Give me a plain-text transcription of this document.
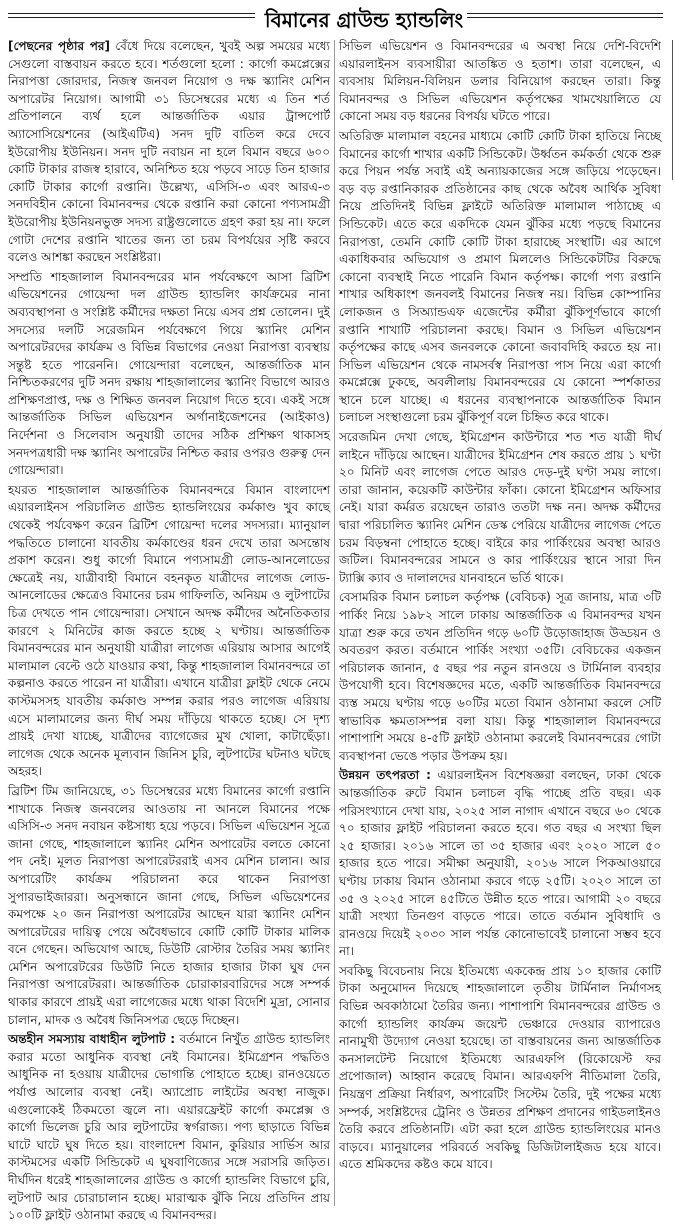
বিমানের গ্রাউন্ড হ্যান্ডলিং

[পেছনের পৃষ্ঠার পর] বেঁধে দিয়ে বলেছেন, খুবই অল্প সময়ের মধ্যে সেগুলো বাস্তবায়ন করতে হবে। শর্তগুলো হলো : কার্গো কমপ্লেক্সের নিরাপত্তা জোরদার, নিজস্ব জনবল নিয়োগ ও দক্ষ স্ক্যানিং মেশিন অপারেটর নিয়োগ। আগামী ৩১ ডিসেম্বরের মধ্যে এ তিন শর্ত প্রতিপালনে ব্যর্থ হলে আন্তর্জাতিক এয়ার ট্রান্সপোর্ট অ্যাসোসিয়েশনের (আইএটিএ) সনদ দুটি বাতিল করে দেবে ইউরোপীয় ইউনিয়ন। সনদ দুটি নবায়ন না হলে বিমান বছরে ৬০০ কোটি টাকার রাজস্ব হারাবে, অনিশ্চিত হয়ে পড়বে সাড়ে তিন হাজার কোটি টাকার কার্গো রপ্তানি। উল্লেখ্য, এসিসি-৩ এবং আরএ-৩ সনদবিহীন কোনো বিমানবন্দর থেকে রপ্তানি করা কোনো পণ্যসামগ্রী ইউরোপীয় ইউনিয়নভুক্ত সদস্য রাষ্ট্রগুলোতে গ্রহণ করা হয় না। ফলে গোটা দেশের রপ্তানি খাতের জন্য তা চরম বিপর্যয়ের সৃষ্টি করবে বলেও আশঙ্কা করছেন সংশ্লিষ্টরা।

সম্প্রতি শাহজালাল বিমানবন্দরের মান পর্যবেক্ষণে আসা ব্রিটিশ এভিয়েশনের গোয়েন্দা দল গ্রাউন্ড হ্যান্ডলিং কার্যক্রমের নানা অব্যবস্থাপনা ও সংশ্লিষ্ট কর্মীদের দক্ষতা নিয়ে এসব প্রশ্ন তোলেন। দুই সদস্যের দলটি সরেজমিন পর্যবেক্ষণে গিয়ে স্ক্যানিং মেশিন অপারেটরদের কার্যক্রম ও বিভিন্ন বিভাগের নেওয়া নিরাপত্তা ব্যবস্থায় সন্তুষ্ট হতে পারেননি। গোয়েন্দারা বলেছেন, আন্তর্জাতিক মান নিশ্চিতকরণের দুটি সনদ রক্ষায় শাহজালালের স্ক্যানিং বিভাগে আরও প্রশিক্ষণপ্রাপ্ত, দক্ষ ও শিক্ষিত জনবল নিয়োগ দিতে হবে। একই সঙ্গে আন্তর্জাতিক সিভিল এভিয়েশন অর্গানাইজেশনের (আইকাও) নির্দেশনা ও সিলেবাস অনুযায়ী তাদের সঠিক প্রশিক্ষণ থাকাসহ সনদপত্রধারী দক্ষ স্ক্যানিং অপারেটর নিশ্চিত করার ওপরও গুরুত্ব দেন গোয়েন্দারা।

হযরত শাহজালাল আন্তর্জাতিক বিমানবন্দরে বিমান বাংলাদেশ এয়ারলাইনস পরিচালিত গ্রাউন্ড হ্যান্ডলিংয়ের কর্মকাণ্ড খুব কাছে থেকেই পর্যবেক্ষণ করেন ব্রিটিশ গোয়েন্দা দলের সদস্যরা। ম্যানুয়াল পদ্ধতিতে চালানো যাবতীয় কর্মকাণ্ডের ধরন দেখে তারা অসন্তোষ প্রকাশ করেন। শুধু কার্গো বিমানে পণ্যসামগ্রী লোড-আনলোডের ক্ষেত্রেই নয়, যাত্রীবাহী বিমানে বহনকৃত যাত্রীদের লাগেজ লোড-আনলোডের ক্ষেত্রেও বিমানের চরম গাফিলতি, অনিয়ম ও লুটপাটের চিত্র দেখতে পান গোয়েন্দারা। সেখানে অদক্ষ কর্মীদের অনৈতিকতার কারণে ২ মিনিটের কাজ করতে হচ্ছে ২ ঘণ্টায়। আন্তর্জাতিক বিমানবন্দরের মান অনুযায়ী যাত্রীরা লাগেজ এরিয়ায় আসার আগেই মালামাল বেল্টে ওঠে যাওয়ার কথা, কিন্তু শাহজালাল বিমানবন্দরে তা কল্পনাও করতে পারেন না যাত্রীরা। এখানে যাত্রীরা ফ্লাইট থেকে নেমে কাস্টমসসহ যাবতীয় কর্মকাণ্ড সম্পন্ন করার পরও লাগেজ এরিয়ায় এসে মালামালের জন্য দীর্ঘ সময় দাঁড়িয়ে থাকতে হচ্ছে। সে দৃশ্য প্রায়ই দেখা যাচ্ছে, যাত্রীদের ব্যাগেজের মুখ খোলা, কাটাছেঁড়া। লাগেজ থেকে অনেক মূল্যবান জিনিস চুরি, লুটপাটের ঘটনাও ঘটছে অহরহ।

ব্রিটিশ টিম জানিয়েছে, ৩১ ডিসেম্বরের মধ্যে বিমানের কার্গো রপ্তানি শাখাকে নিজস্ব জনবলের আওতায় না আনলে বিমানের পক্ষে এসিসি-৩ সনদ নবায়ন কষ্টসাধ্য হয়ে পড়বে। সিভিল এভিয়েশন সূত্রে জানা গেছে, শাহজালালে স্ক্যানিং মেশিন অপারেটর বলতে কোনো পদ নেই। মূলত নিরাপত্তা অপারেটররাই এসব মেশিন চালান। আর অপারেটিং কার্যক্রম পরিচালনা করে থাকেন নিরাপত্তা সুপারভাইজাররা। অনুসন্ধানে জানা গেছে, সিভিল এভিয়েশনের কমপক্ষে ২০ জন নিরাপত্তা অপারেটর আছেন যারা স্ক্যানিং মেশিন অপারেটরের দায়িত্ব পেয়ে অবৈধভাবে কোটি কোটি টাকার মালিক বনে গেছেন। অভিযোগ আছে, ডিউটি রোস্টার তৈরির সময় স্ক্যানিং মেশিন অপারেটরের ডিউটি নিতে হাজার হাজার টাকা ঘুষ দেন নিরাপত্তা অপারেটররা। আন্তর্জাতিক চোরাকারবারিদের সঙ্গে সম্পর্ক থাকার কারণে প্রায়ই এরা লাগেজের মধ্যে থাকা বিদেশি মুদ্রা, সোনার চালান, মাদক ও অবৈধ জিনিসপত্র ছেড়ে দিচ্ছেন।

অন্তহীন সমস্যায় বাধাহীন লুটপাট : বর্তমানে নিখুঁত গ্রাউন্ড হ্যান্ডলিং করার মতো আধুনিক ব্যবস্থা নেই বিমানের। ইমিগ্রেশন পদ্ধতিও আধুনিক না হওয়ায় যাত্রীদের ভোগান্তি পোহাতে হচ্ছে। রানওয়েতে পর্যাপ্ত আলোর ব্যবস্থা নেই। অ্যাপ্রোচ লাইটের অবস্থা নাজুক। এগুলোকেই ঠিকমতো জ্বলে না। এয়ারফ্রেইট কার্গো কমপ্লেক্স ও কার্গো ভিলেজ চুরি আর লুটপাটের স্বর্গরাজ্য। পণ্য ছাড়াতে বিভিন্ন ঘাটে ঘাটে ঘুষ দিতে হয়। বাংলাদেশ বিমান, কুরিয়ার সার্ভিস আর কাস্টমসের একটি সিন্ডিকেট এ ঘুষবাণিজ্যের সঙ্গে সরাসরি জড়িত। দীর্ঘদিন ধরেই শাহজালালের গ্রাউন্ড ও কার্গো হ্যান্ডলিং বিভাগে চুরি, লুটপাট আর চোরাচালান হচ্ছে। মারাত্মক ঝুঁকি নিয়ে প্রতিদিন প্রায় ১০০টি ফ্লাইট ওঠানামা করছে এ বিমানবন্দর।

সিভিল এভিয়েশন ও বিমানবন্দরের এ অবস্থা নিয়ে দেশি-বিদেশি এয়ারলাইনস ব্যবসায়ীরা আতঙ্কিত ও হতাশ। তারা বলেছেন, এ ব্যবসায় মিলিয়ন-বিলিয়ন ডলার বিনিয়োগ করছেন তারা। কিন্তু বিমানবন্দর ও সিভিল এভিয়েশন কর্তৃপক্ষের খামখেয়ালিতে যে কোনো সময় বড় ধরনের বিপর্যয় ঘটতে পারে।

অতিরিক্ত মালামাল বহনের মাধ্যমে কোটি কোটি টাকা হাতিয়ে নিচ্ছে বিমানের কার্গো শাখার একটি সিন্ডিকেট। উর্ধ্বতন কর্মকর্তা থেকে শুরু করে পিয়ন পর্যন্ত সবাই এই অন্যায়কাজের সঙ্গে জড়িয়ে পড়েছেন। বড় বড় রপ্তানিকারক প্রতিষ্ঠানের কাছ থেকে অবৈধ আর্থিক সুবিধা নিয়ে প্রতিদিনই বিভিন্ন ফ্লাইটে অতিরিক্ত মালামাল পাঠাচ্ছে এ সিন্ডিকেট। এতে করে একদিকে যেমন ঝুঁকির মধ্যে পড়ছে বিমানের নিরাপত্তা, তেমনি কোটি কোটি টাকা হারাচ্ছে সংস্থাটি। এর আগে একাধিকবার অভিযোগ ও প্রমাণ মিললেও সিন্ডিকেটটির বিরুদ্ধে কোনো ব্যবস্থাই নিতে পারেনি বিমান কর্তৃপক্ষ। কার্গো পণ্য রপ্তানি শাখার অধিকাংশ জনবলই বিমানের নিজস্ব নয়। বিভিন্ন কোম্পানির লোকজন ও সিঅ্যান্ডএফ এজেন্টের কর্মীরা ঝুঁকিপূর্ণভাবে কার্গো রপ্তানি শাখাটি পরিচালনা করছে। বিমান ও সিভিল এভিয়েশন কর্তৃপক্ষের কাছে এসব জনবলকে কোনো জবাবদিহি করতে হয় না। সিভিল এভিয়েশন থেকে নামসর্বস্ব নিরাপত্তা পাস নিয়ে এরা কার্গো কমপ্লেক্সে ঢুকছে, অবলীলায় বিমানবন্দরের যে কোনো স্পর্শকাতর স্থানে চলে যাচ্ছে। এ ধরনের ব্যবস্থাপনাকে আন্তর্জাতিক বিমান চলাচল সংস্থাগুলো চরম ঝুঁকিপূর্ণ বলে চিহ্নিত করে থাকে।

সরেজমিন দেখা গেছে, ইমিগ্রেশন কাউন্টারে শত শত যাত্রী দীর্ঘ লাইনে দাঁড়িয়ে আছেন। যাত্রীদের ইমিগ্রেশন শেষ করতে প্রায় ১ ঘণ্টা ২০ মিনিট এবং লাগেজ পেতে আরও দেড়-দুই ঘণ্টা সময় লাগে। তারা জানান, কয়েকটি কাউন্টার ফাঁকা। কোনো ইমিগ্রেশন অফিসার নেই। যারা কর্মরত রয়েছেন তারাও ততটা দক্ষ নন। অদক্ষ কর্মীদের দ্বারা পরিচালিত স্ক্যানিং মেশিন ডেস্ক পেরিয়ে যাত্রীদের লাগেজ পেতে চরম বিড়ম্বনা পোহাতে হচ্ছে। বাইরে কার পার্কিংয়ের অবস্থা আরও জটিল। বিমানবন্দরের সামনে ও কার পার্কিংয়ের স্থানে সারা দিন ট্যাক্সি ক্যাব ও দালালদের যানবাহনে ভর্তি থাকে।

বেসামরিক বিমান চলাচল কর্তৃপক্ষ (বেবিচক) সূত্র জানায়, মাত্র ৩টি পার্কিং নিয়ে ১৯৮২ সালে ঢাকায় আন্তর্জাতিক এ বিমানবন্দর যখন যাত্রা শুরু করে তখন প্রতিদিন গড়ে ৬০টি উড়োজাহাজ উড্ডয়ন ও অবতরণ করত। বর্তমানে পার্কিং সংখ্যা ৩৫টি। বেবিচকের একজন পরিচালক জানান, ৫ বছর পর নতুন রানওয়ে ও টার্মিনাল ব্যবহার উপযোগী হবে। বিশেষজ্ঞদের মতে, একটি আন্তর্জাতিক বিমানবন্দরে ব্যস্ত সময়ে ঘণ্টায় গড়ে ৬০টির মতো বিমান ওঠানামা করলে সেটি স্বাভাবিক ক্ষমতাসম্পন্ন বলা যায়। কিন্তু শাহজালাল বিমানবন্দরে পাশাপাশি সময়ে ৪-৫টি ফ্লাইট ওঠানামা করলেই বিমানবন্দরের গোটা ব্যবস্থাপনা ভেঙে পড়ার উপক্রম হয়।

উন্নয়ন তৎপরতা : এয়ারলাইনস বিশেষজ্ঞরা বলছেন, ঢাকা থেকে আন্তর্জাতিক রুটে বিমান চলাচল বৃদ্ধি পাচ্ছে প্রতি বছর। এক পরিসংখ্যানে দেখা যায়, ২০২৫ সাল নাগাদ এখানে বছরে ৬০ থেকে ৭০ হাজার ফ্লাইট পরিচালনা করতে হবে। গত বছর এ সংখ্যা ছিল ২৫ হাজার। ২০১৬ সালে তা ৩৫ হাজার এবং ২০২০ সালে ৫০ হাজার হতে পারে। সমীক্ষা অনুযায়ী, ২০১৬ সালে পিকআওয়ারে ঘণ্টায় ঢাকায় বিমান ওঠানামা করবে গড়ে ২৫টি। ২০২০ সালে তা ৩৫ ও ২০২৫ সালে ৪৫টিতে উন্নীত হতে পারে। আগামী ২০ বছরে যাত্রী সংখ্যা তিনগুণ বাড়তে পারে। তাতে বর্তমান সুবিধাদি ও রানওয়ে দিয়েই ২০৩০ সাল পর্যন্ত কোনোভাবেই চালানো সম্ভব হবে না।

সবকিছু বিবেচনায় নিয়ে ইতিমধ্যে এককেন্দ্র প্রায় ১০ হাজার কোটি টাকা অনুমোদন দিয়েছে শাহজালালে তৃতীয় টার্মিনাল নির্মাণসহ বিভিন্ন অবকাঠামো তৈরির জন্য। পাশাপাশি বিমানবন্দরের গ্রাউন্ড ও কার্গো হ্যান্ডলিং কার্যক্রম জয়েন্ট ভেঞ্চারে দেওয়ার ব্যাপারেও নানামুখী উদ্যোগ নেওয়া হয়েছে। তা বাস্তবায়নের জন্য আন্তর্জাতিক কনসালটেন্ট নিয়োগে ইতিমধ্যে আরএফপি (রিকোয়েস্ট ফর প্রপোজাল) আহ্বান করেছে বিমান। আরএফপি নীতিমালা তৈরি, নিয়ন্ত্রণ প্রক্রিয়া নির্ধারণ, অপারেটিং সিস্টেম তৈরি, দুই পক্ষের মধ্যে সম্পর্ক, সংশ্লিষ্টদের ট্রেনিং ও উন্নতর প্রশিক্ষণ প্রদানের গাইডলাইনও তৈরি করবে প্রতিষ্ঠানটি। এটা করা হলে গ্রাউন্ড হ্যান্ডলিংয়ের মানও বাড়বে। ম্যানুয়ালের পরিবর্তে সবকিছু ডিজিটালাইজড হয়ে যাবে। এতে শ্রমিকদের কষ্টও কমে যাবে।
